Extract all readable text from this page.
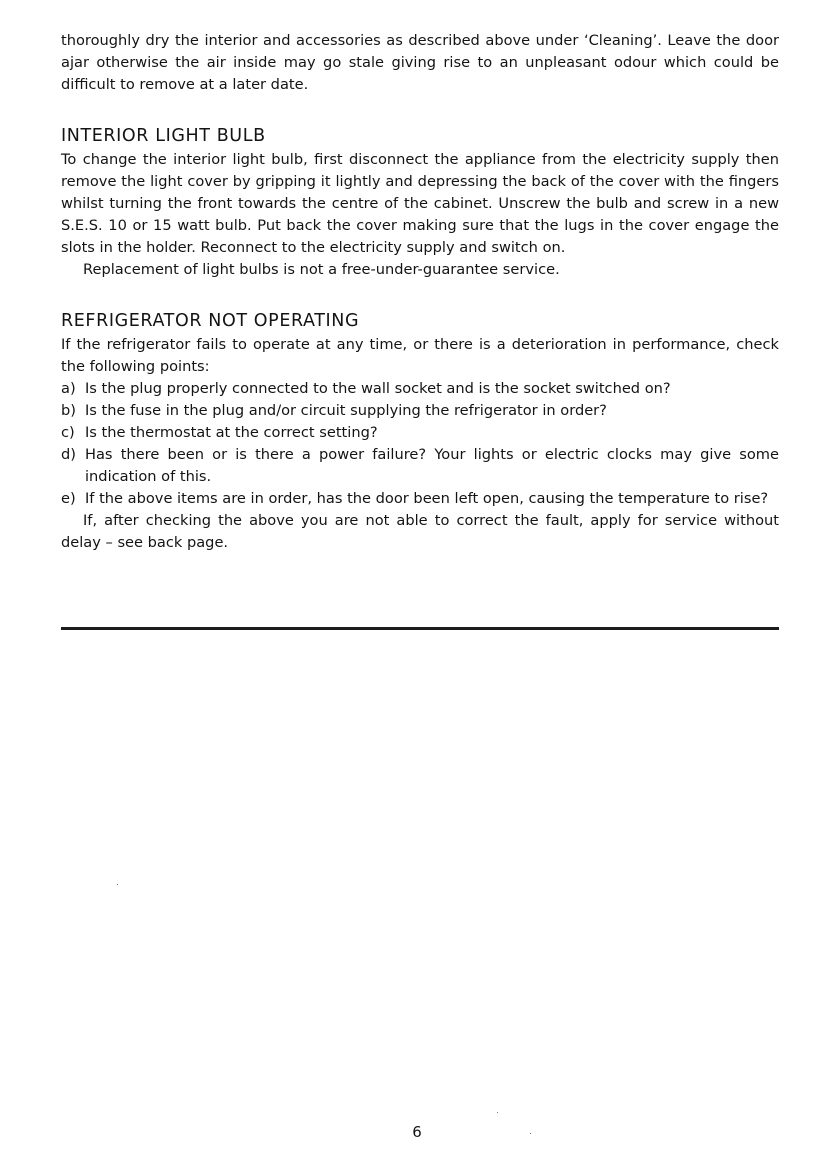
thoroughly dry the interior and accessories as described above under ‘Cleaning’. Leave the door ajar otherwise the air inside may go stale giving rise to an unpleasant odour which could be difficult to remove at a later date.

INTERIOR LIGHT BULB

To change the interior light bulb, first disconnect the appliance from the electricity supply then remove the light cover by gripping it lightly and depressing the back of the cover with the fingers whilst turning the front towards the centre of the cabinet. Unscrew the bulb and screw in a new S.E.S. 10 or 15 watt bulb. Put back the cover making sure that the lugs in the cover engage the slots in the holder. Reconnect to the electricity supply and switch on.

Replacement of light bulbs is not a free-under-guarantee service.

REFRIGERATOR NOT OPERATING

If the refrigerator fails to operate at any time, or there is a deterioration in performance, check the following points:

a) Is the plug properly connected to the wall socket and is the socket switched on?
b) Is the fuse in the plug and/or circuit supplying the refrigerator in order?
c) Is the thermostat at the correct setting?
d) Has there been or is there a power failure? Your lights or electric clocks may give some indication of this.
e) If the above items are in order, has the door been left open, causing the temperature to rise?

If, after checking the above you are not able to correct the fault, apply for service without delay – see back page.

6
